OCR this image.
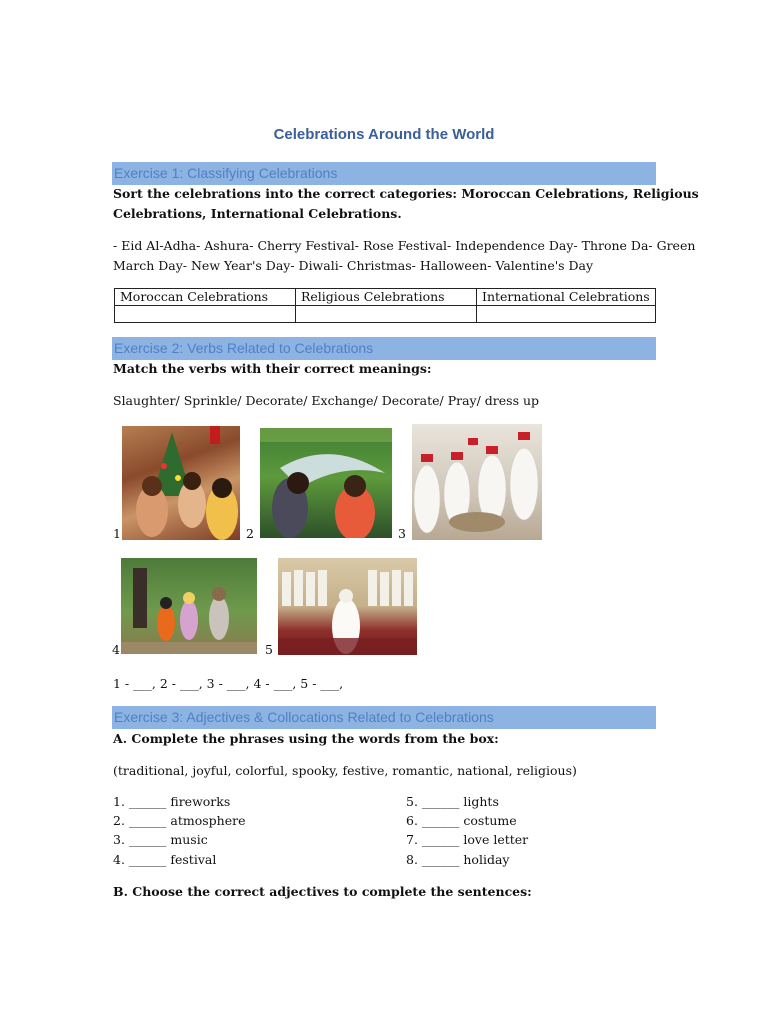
Celebrations Around the World
Exercise 1: Classifying Celebrations
Sort the celebrations into the correct categories: Moroccan Celebrations, Religious
Celebrations, International Celebrations.
- Eid Al-Adha- Ashura- Cherry Festival- Rose Festival- Independence Day- Throne Da- Green
March Day- New Year's Day- Diwali- Christmas- Halloween- Valentine's Day
Moroccan Celebrations	Religious Celebrations	International Celebrations

Exercise 2: Verbs Related to Celebrations
Match the verbs with their correct meanings:
Slaughter/ Sprinkle/ Decorate/ Exchange/ Decorate/ Pray/ dress up
1	2	3
4	5
1 - ___, 2 - ___, 3 - ___, 4 - ___, 5 - ___,
Exercise 3: Adjectives & Collocations Related to Celebrations
A. Complete the phrases using the words from the box:
(traditional, joyful, colorful, spooky, festive, romantic, national, religious)
1. ______ fireworks
2. ______ atmosphere
3. ______ music
4. ______ festival
5. ______ lights
6. ______ costume
7. ______ love letter
8. ______ holiday
B. Choose the correct adjectives to complete the sentences:
